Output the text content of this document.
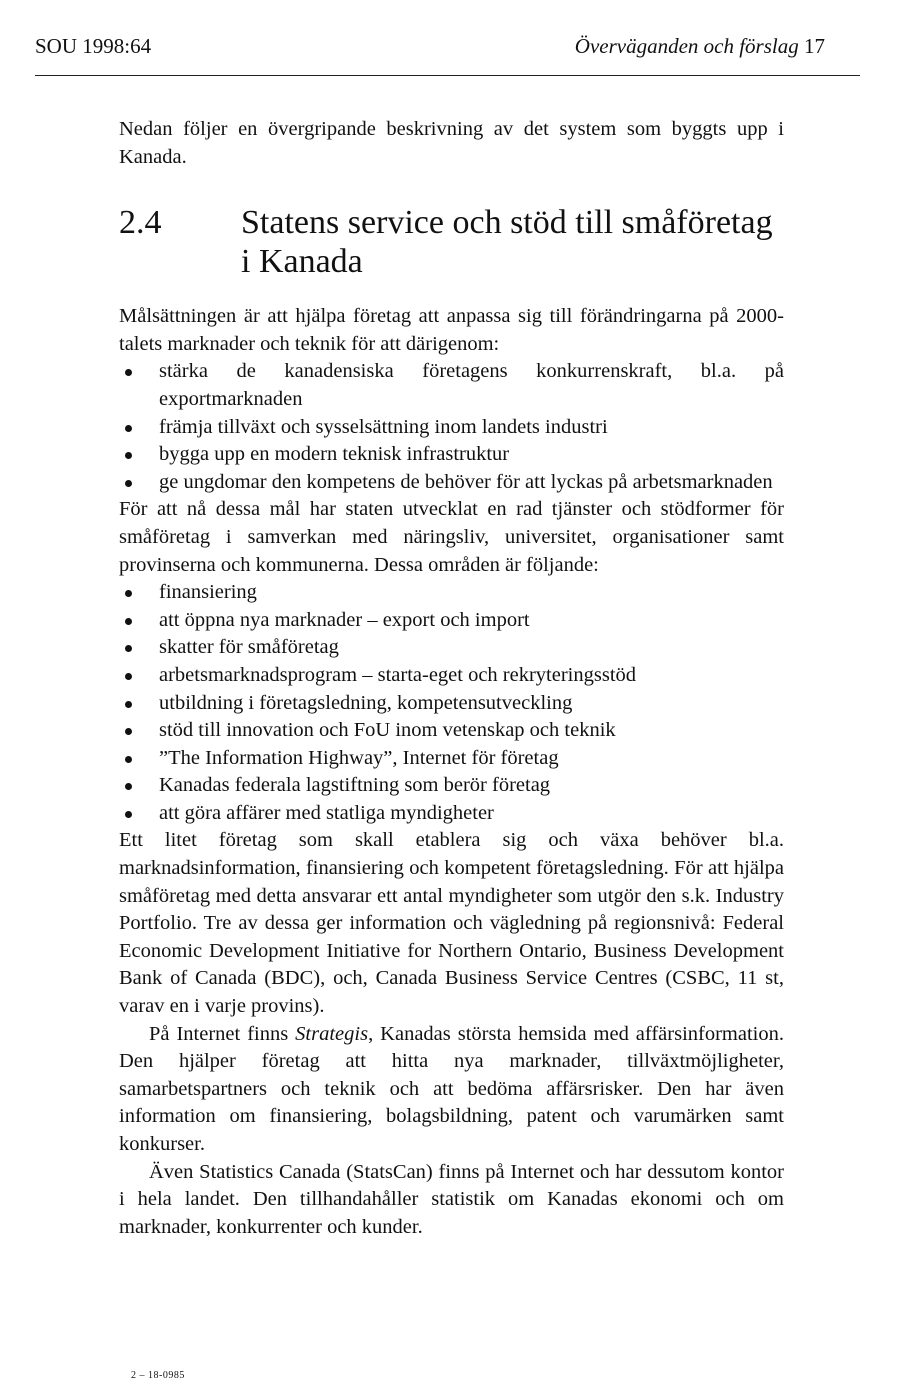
SOU 1998:64	Överväganden och förslag 17

Nedan följer en övergripande beskrivning av det system som byggts upp i Kanada.

2.4	Statens service och stöd till småföretag i Kanada

Målsättningen är att hjälpa företag att anpassa sig till förändringarna på 2000-talets marknader och teknik för att därigenom:

stärka de kanadensiska företagens konkurrenskraft, bl.a. på exportmarknaden
främja tillväxt och sysselsättning inom landets industri
bygga upp en modern teknisk infrastruktur
ge ungdomar den kompetens de behöver för att lyckas på arbetsmarknaden

För att nå dessa mål har staten utvecklat en rad tjänster och stödformer för småföretag i samverkan med näringsliv, universitet, organisationer samt provinserna och kommunerna. Dessa områden är följande:

finansiering
att öppna nya marknader – export och import
skatter för småföretag
arbetsmarknadsprogram – starta-eget och rekryteringsstöd
utbildning i företagsledning, kompetensutveckling
stöd till innovation och FoU inom vetenskap och teknik
”The Information Highway”, Internet för företag
Kanadas federala lagstiftning som berör företag
att göra affärer med statliga myndigheter

Ett litet företag som skall etablera sig och växa behöver bl.a. marknadsinformation, finansiering och kompetent företagsledning. För att hjälpa småföretag med detta ansvarar ett antal myndigheter som utgör den s.k. Industry Portfolio. Tre av dessa ger information och vägledning på regionsnivå: Federal Economic Development Initiative for Northern Ontario, Business Development Bank of Canada (BDC), och, Canada Business Service Centres (CSBC, 11 st, varav en i varje provins).

På Internet finns Strategis, Kanadas största hemsida med affärsinformation. Den hjälper företag att hitta nya marknader, tillväxtmöjligheter, samarbetspartners och teknik och att bedöma affärsrisker. Den har även information om finansiering, bolagsbildning, patent och varumärken samt konkurser.

Även Statistics Canada (StatsCan) finns på Internet och har dessutom kontor i hela landet. Den tillhandahåller statistik om Kanadas ekonomi och om marknader, konkurrenter och kunder.

2 – 18-0985
